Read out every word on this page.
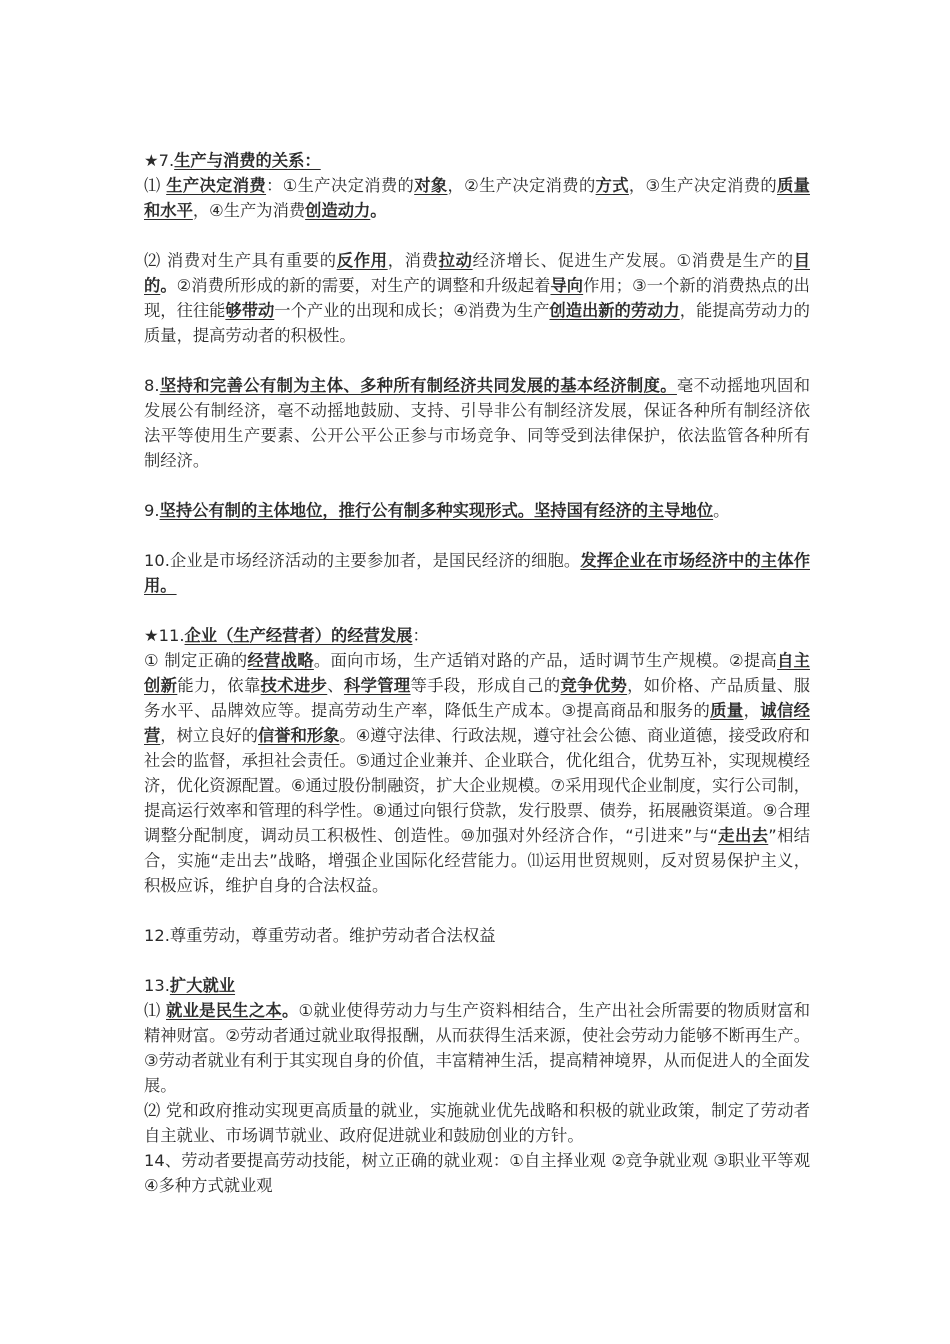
★7.生产与消费的关系：

⑴ 生产决定消费：①生产决定消费的对象，②生产决定消费的方式，③生产决定消费的质量和水平，④生产为消费创造动力。

⑵ 消费对生产具有重要的反作用，消费拉动经济增长、促进生产发展。①消费是生产的目的。②消费所形成的新的需要，对生产的调整和升级起着导向作用；③一个新的消费热点的出现，往往能够带动一个产业的出现和成长；④消费为生产创造出新的劳动力，能提高劳动力的质量，提高劳动者的积极性。

8.坚持和完善公有制为主体、多种所有制经济共同发展的基本经济制度。毫不动摇地巩固和发展公有制经济，毫不动摇地鼓励、支持、引导非公有制经济发展，保证各种所有制经济依法平等使用生产要素、公开公平公正参与市场竞争、同等受到法律保护，依法监管各种所有制经济。

9.坚持公有制的主体地位，推行公有制多种实现形式。坚持国有经济的主导地位。

10.企业是市场经济活动的主要参加者，是国民经济的细胞。发挥企业在市场经济中的主体作用。

★11.企业（生产经营者）的经营发展：

① 制定正确的经营战略。面向市场，生产适销对路的产品，适时调节生产规模。②提高自主创新能力，依靠技术进步、科学管理等手段，形成自己的竞争优势，如价格、产品质量、服务水平、品牌效应等。提高劳动生产率，降低生产成本。③提高商品和服务的质量，诚信经营，树立良好的信誉和形象。④遵守法律、行政法规，遵守社会公德、商业道德，接受政府和社会的监督，承担社会责任。⑤通过企业兼并、企业联合，优化组合，优势互补，实现规模经济，优化资源配置。⑥通过股份制融资，扩大企业规模。⑦采用现代企业制度，实行公司制，提高运行效率和管理的科学性。⑧通过向银行贷款，发行股票、债券，拓展融资渠道。⑨合理调整分配制度，调动员工积极性、创造性。⑩加强对外经济合作，“引进来”与“走出去”相结合，实施“走出去”战略，增强企业国际化经营能力。⑾运用世贸规则，反对贸易保护主义，积极应诉，维护自身的合法权益。

12.尊重劳动，尊重劳动者。维护劳动者合法权益

13.扩大就业

⑴ 就业是民生之本。①就业使得劳动力与生产资料相结合，生产出社会所需要的物质财富和精神财富。②劳动者通过就业取得报酬，从而获得生活来源，使社会劳动力能够不断再生产。③劳动者就业有利于其实现自身的价值，丰富精神生活，提高精神境界，从而促进人的全面发展。

⑵ 党和政府推动实现更高质量的就业，实施就业优先战略和积极的就业政策，制定了劳动者自主就业、市场调节就业、政府促进就业和鼓励创业的方针。

14、劳动者要提高劳动技能，树立正确的就业观：①自主择业观 ②竞争就业观 ③职业平等观 ④多种方式就业观
